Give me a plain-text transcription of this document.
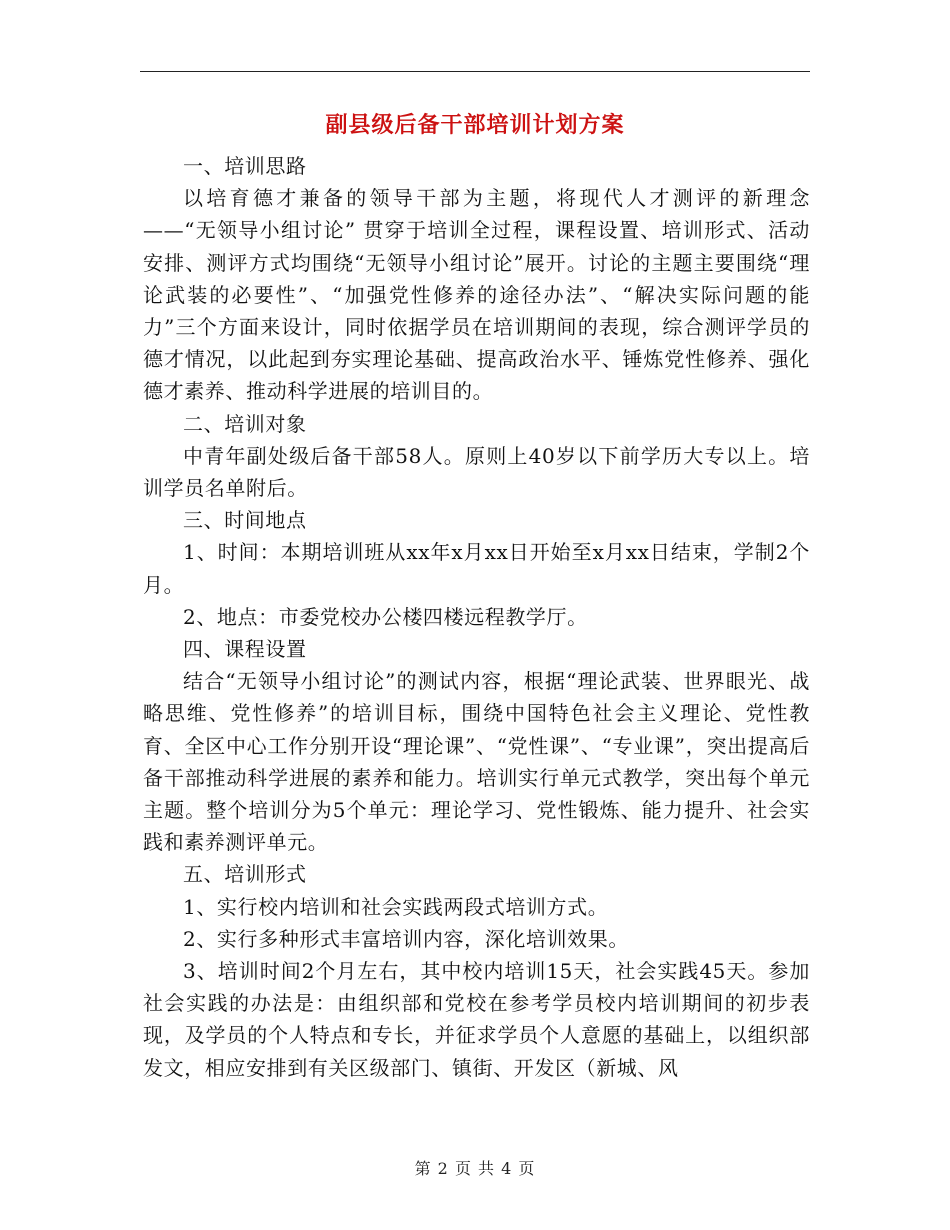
副县级后备干部培训计划方案

一、培训思路

以培育德才兼备的领导干部为主题，将现代人才测评的新理念——“无领导小组讨论” 贯穿于培训全过程，课程设置、培训形式、活动安排、测评方式均围绕“无领导小组讨论”展开。讨论的主题主要围绕“理论武装的必要性”、“加强党性修养的途径办法”、“解决实际问题的能力”三个方面来设计，同时依据学员在培训期间的表现，综合测评学员的德才情况，以此起到夯实理论基础、提高政治水平、锤炼党性修养、强化德才素养、推动科学进展的培训目的。

二、培训对象

中青年副处级后备干部58人。原则上40岁以下前学历大专以上。培训学员名单附后。

三、时间地点

1、时间：本期培训班从xx年x月xx日开始至x月xx日结束，学制2个月。

2、地点：市委党校办公楼四楼远程教学厅。

四、课程设置

结合“无领导小组讨论”的测试内容，根据“理论武装、世界眼光、战略思维、党性修养”的培训目标，围绕中国特色社会主义理论、党性教育、全区中心工作分别开设“理论课”、“党性课”、“专业课”，突出提高后备干部推动科学进展的素养和能力。培训实行单元式教学，突出每个单元主题。整个培训分为5个单元：理论学习、党性锻炼、能力提升、社会实践和素养测评单元。

五、培训形式

1、实行校内培训和社会实践两段式培训方式。

2、实行多种形式丰富培训内容，深化培训效果。

3、培训时间2个月左右，其中校内培训15天，社会实践45天。参加社会实践的办法是：由组织部和党校在参考学员校内培训期间的初步表现，及学员的个人特点和专长，并征求学员个人意愿的基础上，以组织部发文，相应安排到有关区级部门、镇街、开发区（新城、风

第 2 页 共 4 页
